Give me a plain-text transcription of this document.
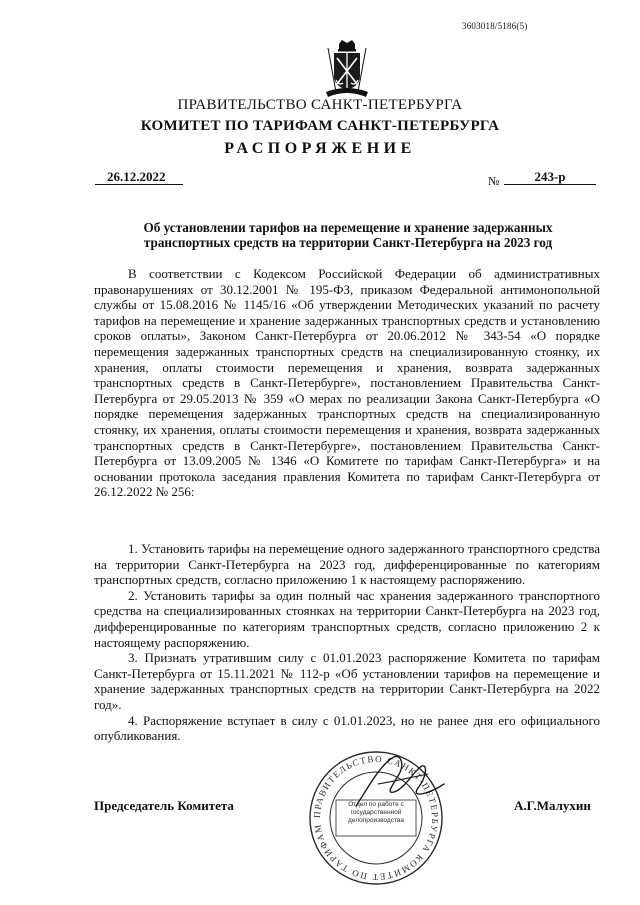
3603018/5186(5)
ПРАВИТЕЛЬСТВО САНКТ-ПЕТЕРБУРГА
КОМИТЕТ ПО ТАРИФАМ САНКТ-ПЕТЕРБУРГА
РАСПОРЯЖЕНИЕ
26.12.2022	№	243-р
Об установлении тарифов на перемещение и хранение задержанных транспортных средств на территории Санкт-Петербурга на 2023 год
В соответствии с Кодексом Российской Федерации об административных правонарушениях от 30.12.2001 № 195-ФЗ, приказом Федеральной антимонопольной службы от 15.08.2016 № 1145/16 «Об утверждении Методических указаний по расчету тарифов на перемещение и хранение задержанных транспортных средств и установлению сроков оплаты», Законом Санкт-Петербурга от 20.06.2012 № 343-54 «О порядке перемещения задержанных транспортных средств на специализированную стоянку, их хранения, оплаты стоимости перемещения и хранения, возврата задержанных транспортных средств в Санкт-Петербурге», постановлением Правительства Санкт-Петербурга от 29.05.2013 № 359 «О мерах по реализации Закона Санкт-Петербурга «О порядке перемещения задержанных транспортных средств на специализированную стоянку, их хранения, оплаты стоимости перемещения и хранения, возврата задержанных транспортных средств в Санкт-Петербурге», постановлением Правительства Санкт-Петербурга от 13.09.2005 № 1346 «О Комитете по тарифам Санкт-Петербурга» и на основании протокола заседания правления Комитета по тарифам Санкт-Петербурга от 26.12.2022 № 256:

1. Установить тарифы на перемещение одного задержанного транспортного средства на территории Санкт-Петербурга на 2023 год, дифференцированные по категориям транспортных средств, согласно приложению 1 к настоящему распоряжению.

2. Установить тарифы за один полный час хранения задержанного транспортного средства на специализированных стоянках на территории Санкт-Петербурга на 2023 год, дифференцированные по категориям транспортных средств, согласно приложению 2 к настоящему распоряжению.

3. Признать утратившим силу с 01.01.2023 распоряжение Комитета по тарифам Санкт-Петербурга от 15.11.2021 № 112-р «Об установлении тарифов на перемещение и хранение задержанных транспортных средств на территории Санкт-Петербурга на 2022 год».

4. Распоряжение вступает в силу с 01.01.2023, но не ранее дня его официального опубликования.

Председатель Комитета	А.Г.Малухин
ПРАВИТЕЛЬСТВО САНКТ-ПЕТЕРБУРГА КОМИТЕТ ПО ТАРИФАМ
Отдел по работе с государственной делопроизводства
